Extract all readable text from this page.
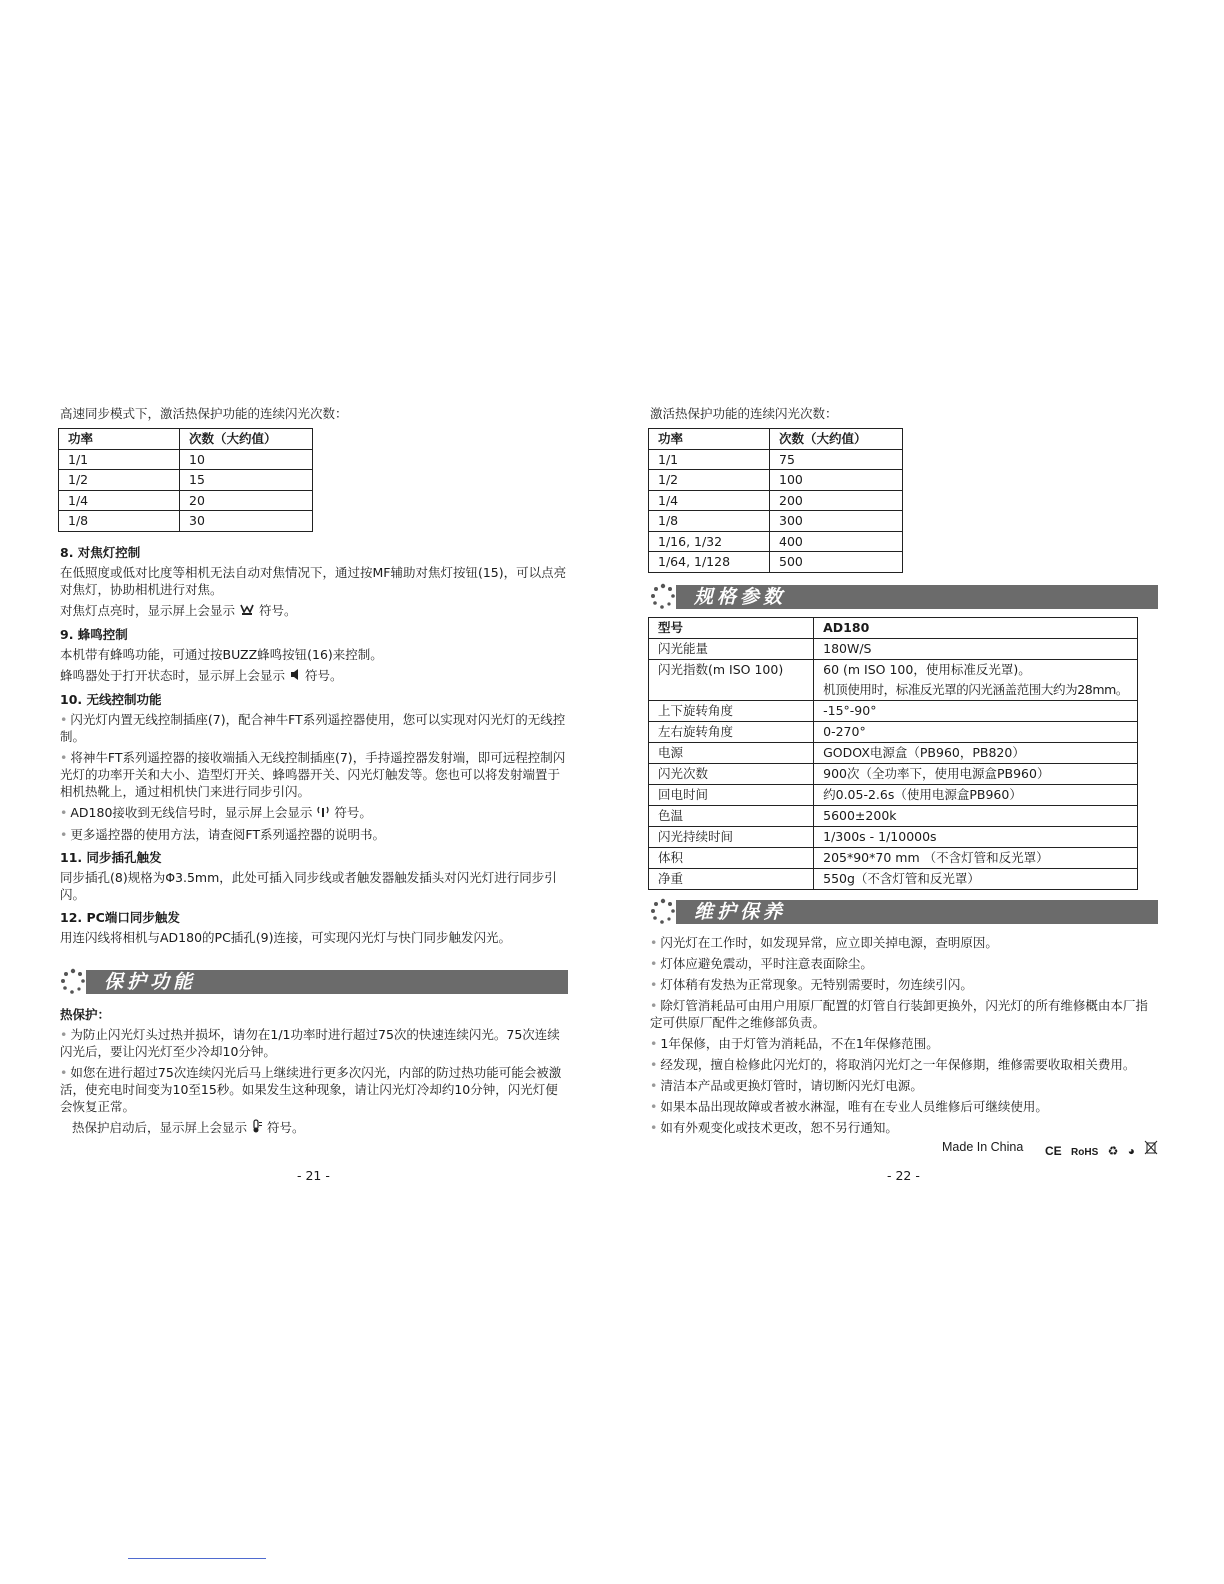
高速同步模式下，激活热保护功能的连续闪光次数：
功率	次数（大约值）
1/1	10
1/2	15
1/4	20
1/8	30
8. 对焦灯控制
在低照度或低对比度等相机无法自动对焦情况下，通过按MF辅助对焦灯按钮(15)，可以点亮对焦灯，协助相机进行对焦。
对焦灯点亮时，显示屏上会显示 符号。
9. 蜂鸣控制
本机带有蜂鸣功能，可通过按BUZZ蜂鸣按钮(16)来控制。
蜂鸣器处于打开状态时，显示屏上会显示 符号。
10. 无线控制功能
• 闪光灯内置无线控制插座(7)，配合神牛FT系列遥控器使用，您可以实现对闪光灯的无线控制。
• 将神牛FT系列遥控器的接收端插入无线控制插座(7)，手持遥控器发射端，即可远程控制闪光灯的功率开关和大小、造型灯开关、蜂鸣器开关、闪光灯触发等。您也可以将发射端置于相机热靴上，通过相机快门来进行同步引闪。
• AD180接收到无线信号时，显示屏上会显示 符号。
• 更多遥控器的使用方法，请查阅FT系列遥控器的说明书。
11. 同步插孔触发
同步插孔(8)规格为Φ3.5mm，此处可插入同步线或者触发器触发插头对闪光灯进行同步引闪。
12. PC端口同步触发
用连闪线将相机与AD180的PC插孔(9)连接，可实现闪光灯与快门同步触发闪光。
保护功能
热保护：
• 为防止闪光灯头过热并损坏，请勿在1/1功率时进行超过75次的快速连续闪光。75次连续闪光后，要让闪光灯至少冷却10分钟。
• 如您在进行超过75次连续闪光后马上继续进行更多次闪光，内部的防过热功能可能会被激活，使充电时间变为10至15秒。如果发生这种现象，请让闪光灯冷却约10分钟，闪光灯便会恢复正常。
热保护启动后，显示屏上会显示 符号。
- 21 -
激活热保护功能的连续闪光次数：
功率	次数（大约值）
1/1	75
1/2	100
1/4	200
1/8	300
1/16, 1/32	400
1/64, 1/128	500
规格参数
型号	AD180
闪光能量	180W/S
闪光指数(m ISO 100)	60 (m ISO 100，使用标准反光罩)。
机顶使用时，标准反光罩的闪光涵盖范围大约为28mm。

上下旋转角度	-15°-90°
左右旋转角度	0-270°
电源	GODOX电源盒（PB960，PB820）
闪光次数	900次（全功率下，使用电源盒PB960）
回电时间	约0.05-2.6s（使用电源盒PB960）
色温	5600±200k
闪光持续时间	1/300s - 1/10000s
体积	205*90*70 mm （不含灯管和反光罩）
净重	550g（不含灯管和反光罩）
维护保养
• 闪光灯在工作时，如发现异常，应立即关掉电源，查明原因。
• 灯体应避免震动，平时注意表面除尘。
• 灯体稍有发热为正常现象。无特别需要时，勿连续引闪。
• 除灯管消耗品可由用户用原厂配置的灯管自行装卸更换外，闪光灯的所有维修概由本厂指定可供原厂配件之维修部负责。
• 1年保修，由于灯管为消耗品，不在1年保修范围。
• 经发现，擅自检修此闪光灯的，将取消闪光灯之一年保修期，维修需要收取相关费用。
• 清洁本产品或更换灯管时，请切断闪光灯电源。
• 如果本品出现故障或者被水淋湿，唯有在专业人员维修后可继续使用。
• 如有外观变化或技术更改，恕不另行通知。
Made In China CE RoHS ♻ ◕
- 22 -
